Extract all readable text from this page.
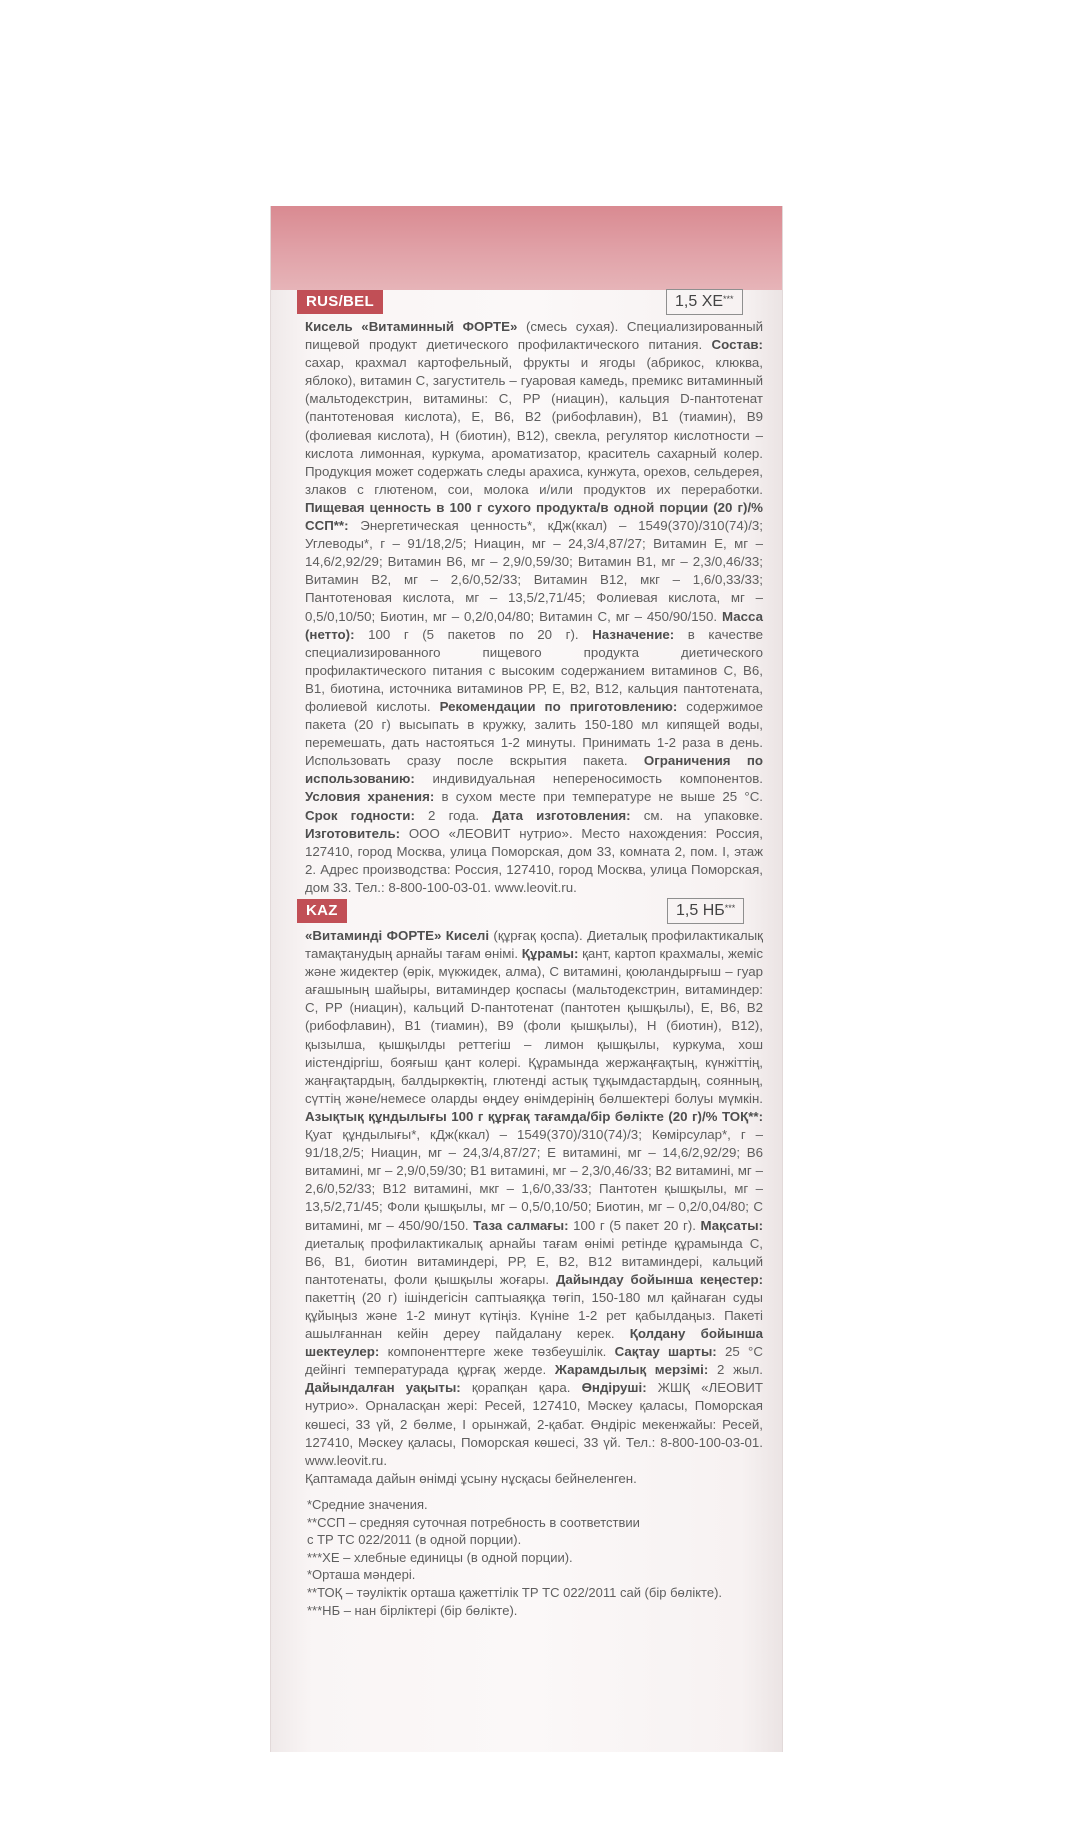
RUS/BEL	1,5 ХЕ***
Кисель «Витаминный ФОРТЕ» (смесь сухая). Специализированный пищевой продукт диетического профилактического питания. Состав: сахар, крахмал картофельный, фрукты и ягоды (абрикос, клюква, яблоко), витамин С, загуститель – гуаровая камедь, премикс витаминный (мальтодекстрин, витамины: С, РР (ниацин), кальция D-пантотенат (пантотеновая кислота), Е, В6, В2 (рибофлавин), В1 (тиамин), В9 (фолиевая кислота), Н (биотин), В12), свекла, регулятор кислотности – кислота лимонная, куркума, ароматизатор, краситель сахарный колер. Продукция может содержать следы арахиса, кунжута, орехов, сельдерея, злаков с глютеном, сои, молока и/или продуктов их переработки. Пищевая ценность в 100 г сухого продукта/в одной порции (20 г)/% ССП**: Энергетическая ценность*, кДж(ккал) – 1549(370)/310(74)/3; Углеводы*, г – 91/18,2/5; Ниацин, мг – 24,3/4,87/27; Витамин Е, мг – 14,6/2,92/29; Витамин В6, мг – 2,9/0,59/30; Витамин В1, мг – 2,3/0,46/33; Витамин В2, мг – 2,6/0,52/33; Витамин В12, мкг – 1,6/0,33/33; Пантотеновая кислота, мг – 13,5/2,71/45; Фолиевая кислота, мг – 0,5/0,10/50; Биотин, мг – 0,2/0,04/80; Витамин С, мг – 450/90/150. Масса (нетто): 100 г (5 пакетов по 20 г). Назначение: в качестве специализированного пищевого продукта диетического профилактического питания с высоким содержанием витаминов С, В6, В1, биотина, источника витаминов РР, Е, В2, В12, кальция пантотената, фолиевой кислоты. Рекомендации по приготовлению: содержимое пакета (20 г) высыпать в кружку, залить 150-180 мл кипящей воды, перемешать, дать настояться 1-2 минуты. Принимать 1-2 раза в день. Использовать сразу после вскрытия пакета. Ограничения по использованию: индивидуальная непереносимость компонентов. Условия хранения: в сухом месте при температуре не выше 25 °С. Срок годности: 2 года. Дата изготовления: см. на упаковке. Изготовитель: ООО «ЛЕОВИТ нутрио». Место нахождения: Россия, 127410, город Москва, улица Поморская, дом 33, комната 2, пом. I, этаж 2. Адрес производства: Россия, 127410, город Москва, улица Поморская, дом 33. Тел.: 8-800-100-03-01. www.leovit.ru.
KAZ	1,5 НБ***
«Витаминді ФОРТЕ» Киселі (құрғақ қоспа). Диеталық профилактикалық тамақтанудың арнайы тағам өнімі. Құрамы: қант, картоп крахмалы, жеміс және жидектер (өрік, мүкжидек, алма), С витамині, қоюландырғыш – гуар ағашының шайыры, витаминдер қоспасы (мальтодекстрин, витаминдер: С, РР (ниацин), кальций D-пантотенат (пантотен қышқылы), Е, В6, В2 (рибофлавин), В1 (тиамин), В9 (фоли қышқылы), Н (биотин), В12), қызылша, қышқылды реттегіш – лимон қышқылы, куркума, хош иістендіргіш, бояғыш қант колері. Құрамында жержаңғақтың, күнжіттің, жаңғақтардың, балдыркөктің, глютенді астық тұқымдастардың, соянның, сүттің және/немесе оларды өңдеу өнімдерінің бөлшектері болуы мүмкін. Азықтық құндылығы 100 г құрғақ тағамда/бір бөлікте (20 г)/% ТОҚ**: Қуат құндылығы*, кДж(ккал) – 1549(370)/310(74)/3; Көмірсулар*, г – 91/18,2/5; Ниацин, мг – 24,3/4,87/27; Е витамині, мг – 14,6/2,92/29; В6 витамині, мг – 2,9/0,59/30; В1 витамині, мг – 2,3/0,46/33; В2 витамині, мг – 2,6/0,52/33; В12 витамині, мкг – 1,6/0,33/33; Пантотен қышқылы, мг – 13,5/2,71/45; Фоли қышқылы, мг – 0,5/0,10/50; Биотин, мг – 0,2/0,04/80; С витамині, мг – 450/90/150. Таза салмағы: 100 г (5 пакет 20 г). Мақсаты: диеталық профилактикалық арнайы тағам өнімі ретінде құрамында С, В6, В1, биотин витаминдері, РР, Е, В2, В12 витаминдері, кальций пантотенаты, фоли қышқылы жоғары. Дайындау бойынша кеңестер: пакеттің (20 г) ішіндегісін саптыаяққа төгіп, 150-180 мл қайнаған суды құйыңыз және 1-2 минут күтіңіз. Күніне 1-2 рет қабылдаңыз. Пакеті ашылғаннан кейін дереу пайдалану керек. Қолдану бойынша шектеулер: компоненттерге жеке төзбеушілік. Сақтау шарты: 25 °С дейінгі температурада құрғақ жерде. Жарамдылық мерзімі: 2 жыл. Дайындалған уақыты: қорапқан қара. Өндіруші: ЖШҚ «ЛЕОВИТ нутрио». Орналасқан жері: Ресей, 127410, Мәскеу қаласы, Поморская көшесі, 33 үй, 2 бөлме, I орынжай, 2-қабат. Өндіріс мекенжайы: Ресей, 127410, Мәскеу қаласы, Поморская көшесі, 33 үй. Тел.: 8-800-100-03-01. www.leovit.ru.
Қаптамада дайын өнімді ұсыну нұсқасы бейнеленген.
*Средние значения.
**ССП – средняя суточная потребность в соответствии
с ТР ТС 022/2011 (в одной порции).
***ХЕ – хлебные единицы (в одной порции).
*Орташа мәндері.
**ТОҚ – тәуліктік орташа қажеттілік ТР ТС 022/2011 сай (бір бөлікте).
***НБ – нан бірліктері (бір бөлікте).
